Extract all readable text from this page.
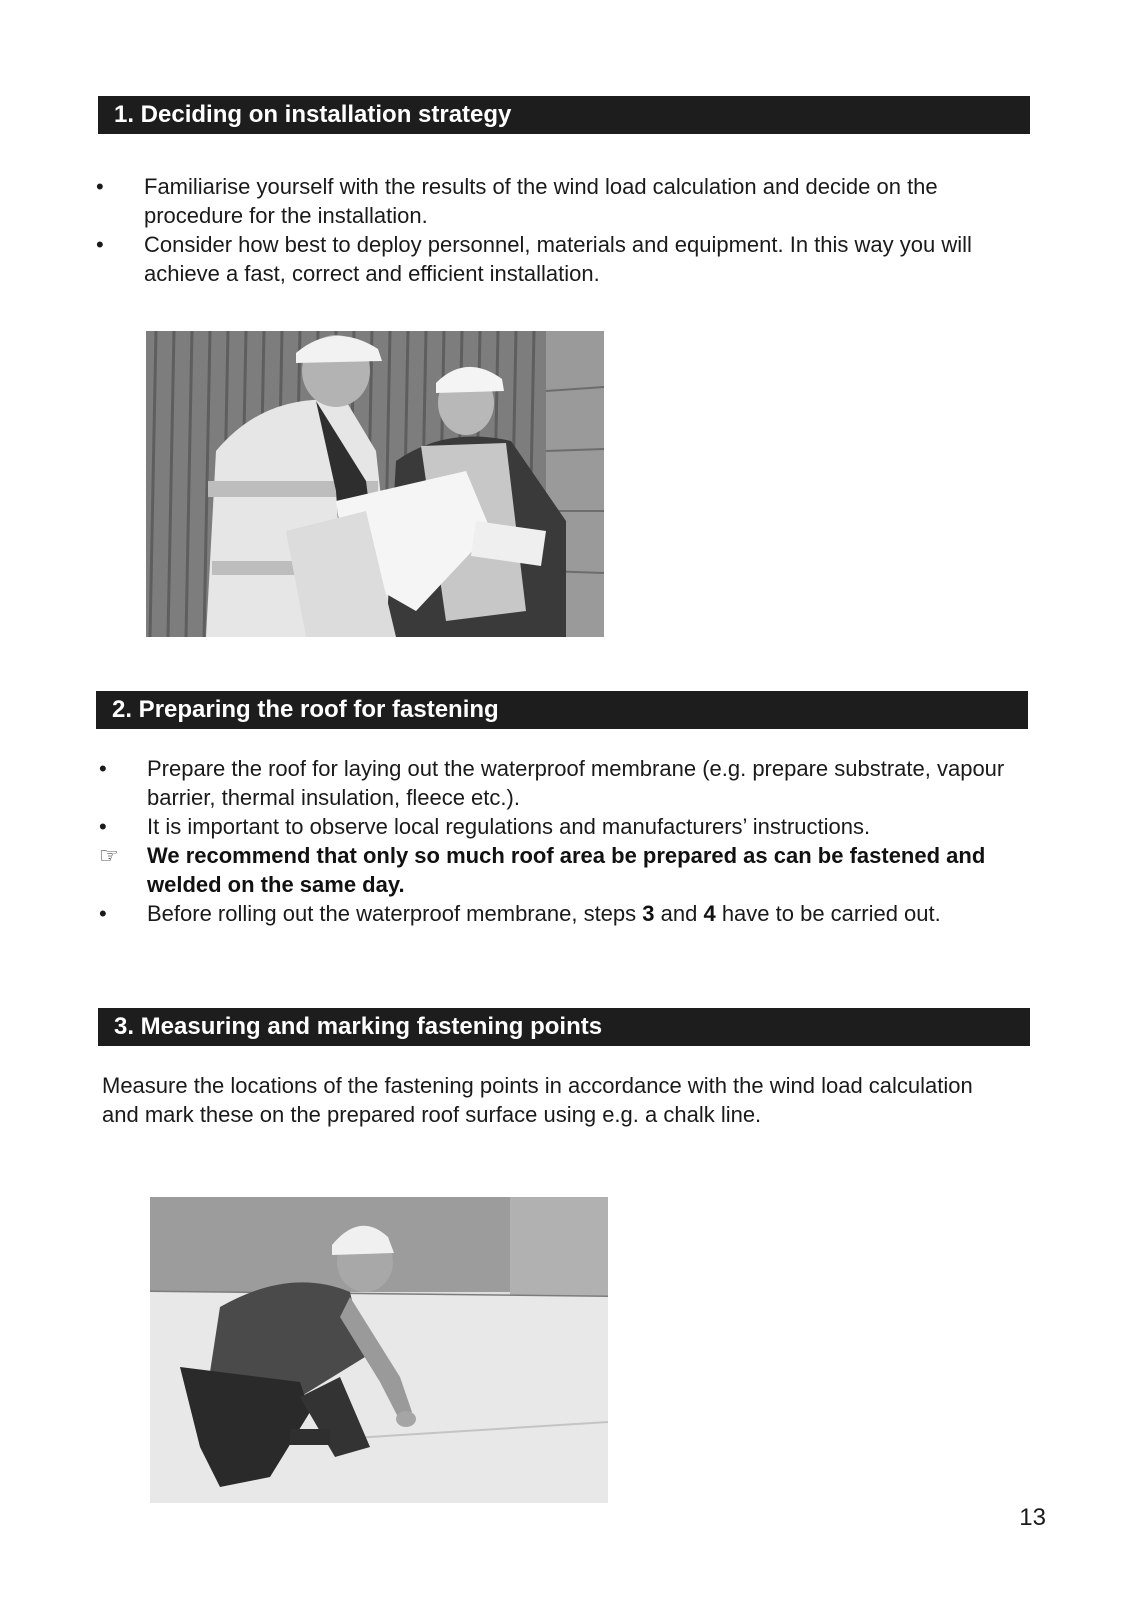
1. Deciding on installation strategy
•	Familiarise yourself with the results of the wind load calculation and decide on the procedure for the installation.
•	Consider how best to deploy personnel, materials and equipment. In this way you will achieve a fast, correct and efficient installation.
2. Preparing the roof for fastening
•	Prepare the roof for laying out the waterproof membrane (e.g. prepare substrate, vapour barrier, thermal insulation, fleece etc.).
•	It is important to observe local regulations and manufacturers’ instructions.
☞ We recommend that only so much roof area be prepared as can be fastened and welded on the same day.
•	Before rolling out the waterproof membrane, steps 3 and 4 have to be carried out.
3. Measuring and marking fastening points

Measure the locations of the fastening points in accordance with the wind load calculation and mark these on the prepared roof surface using e.g. a chalk line.

13
